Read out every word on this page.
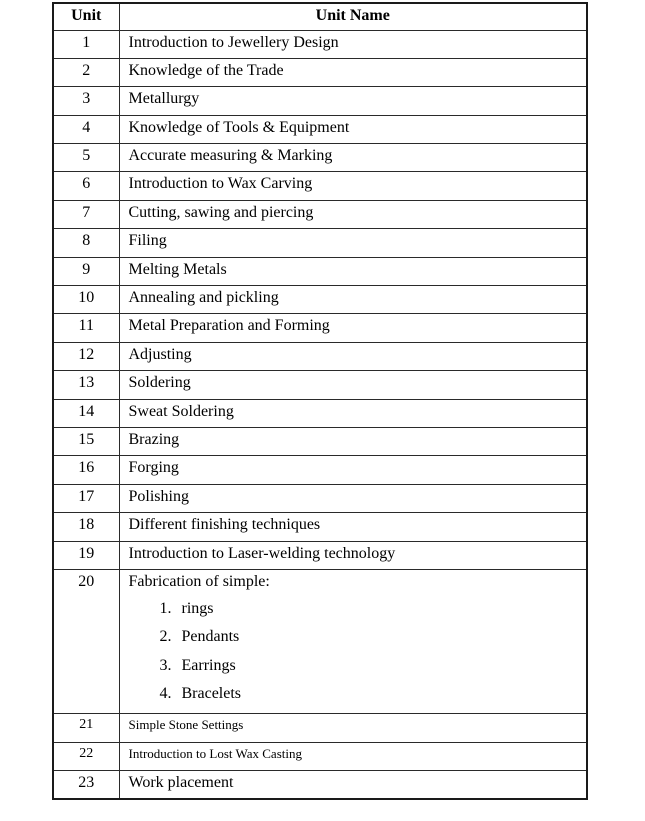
Unit	Unit Name
1	Introduction to Jewellery Design
2	Knowledge of the Trade
3	Metallurgy
4	Knowledge of Tools & Equipment
5	Accurate measuring & Marking
6	Introduction to Wax Carving
7	Cutting, sawing and piercing
8	Filing
9	Melting Metals
10	Annealing and pickling
11	Metal Preparation and Forming
12	Adjusting
13	Soldering
14	Sweat Soldering
15	Brazing
16	Forging
17	Polishing
18	Different finishing techniques
19	Introduction to Laser-welding technology
20	Fabrication of simple:
1. rings
2. Pendants
3. Earrings
4. Bracelets

21	Simple Stone Settings
22	Introduction to Lost Wax Casting
23	Work placement
